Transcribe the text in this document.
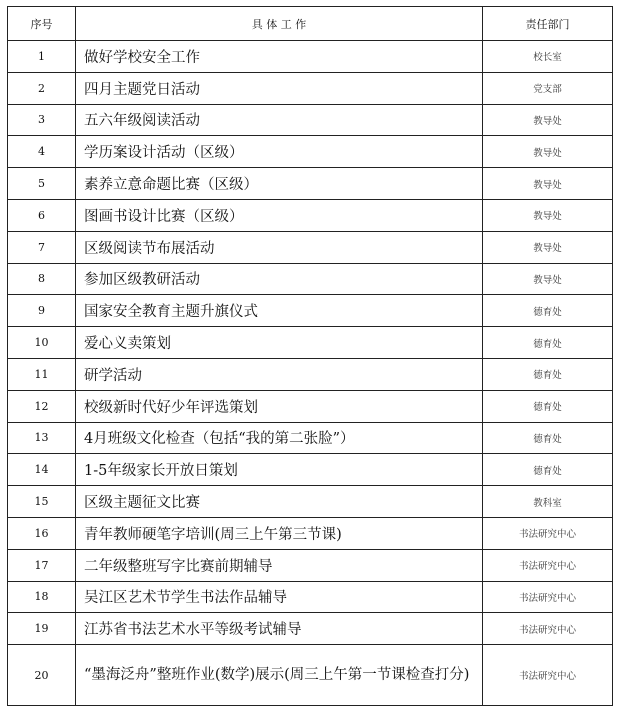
序号	具 体 工 作	责任部门
1	做好学校安全工作	校长室
2	四月主题党日活动	党支部
3	五六年级阅读活动	教导处
4	学历案设计活动（区级）	教导处
5	素养立意命题比赛（区级）	教导处
6	图画书设计比赛（区级）	教导处
7	区级阅读节布展活动	教导处
8	参加区级教研活动	教导处
9	国家安全教育主题升旗仪式	德育处
10	爱心义卖策划	德育处
11	研学活动	德育处
12	校级新时代好少年评选策划	德育处
13	4月班级文化检查（包括“我的第二张脸”）	德育处
14	1-5年级家长开放日策划	德育处
15	区级主题征文比赛	教科室
16	青年教师硬笔字培训(周三上午第三节课)	书法研究中心
17	二年级整班写字比赛前期辅导	书法研究中心
18	吴江区艺术节学生书法作品辅导	书法研究中心
19	江苏省书法艺术水平等级考试辅导	书法研究中心
20	“墨海泛舟”整班作业(数学)展示(周三上午第一节课检查打分)	书法研究中心
